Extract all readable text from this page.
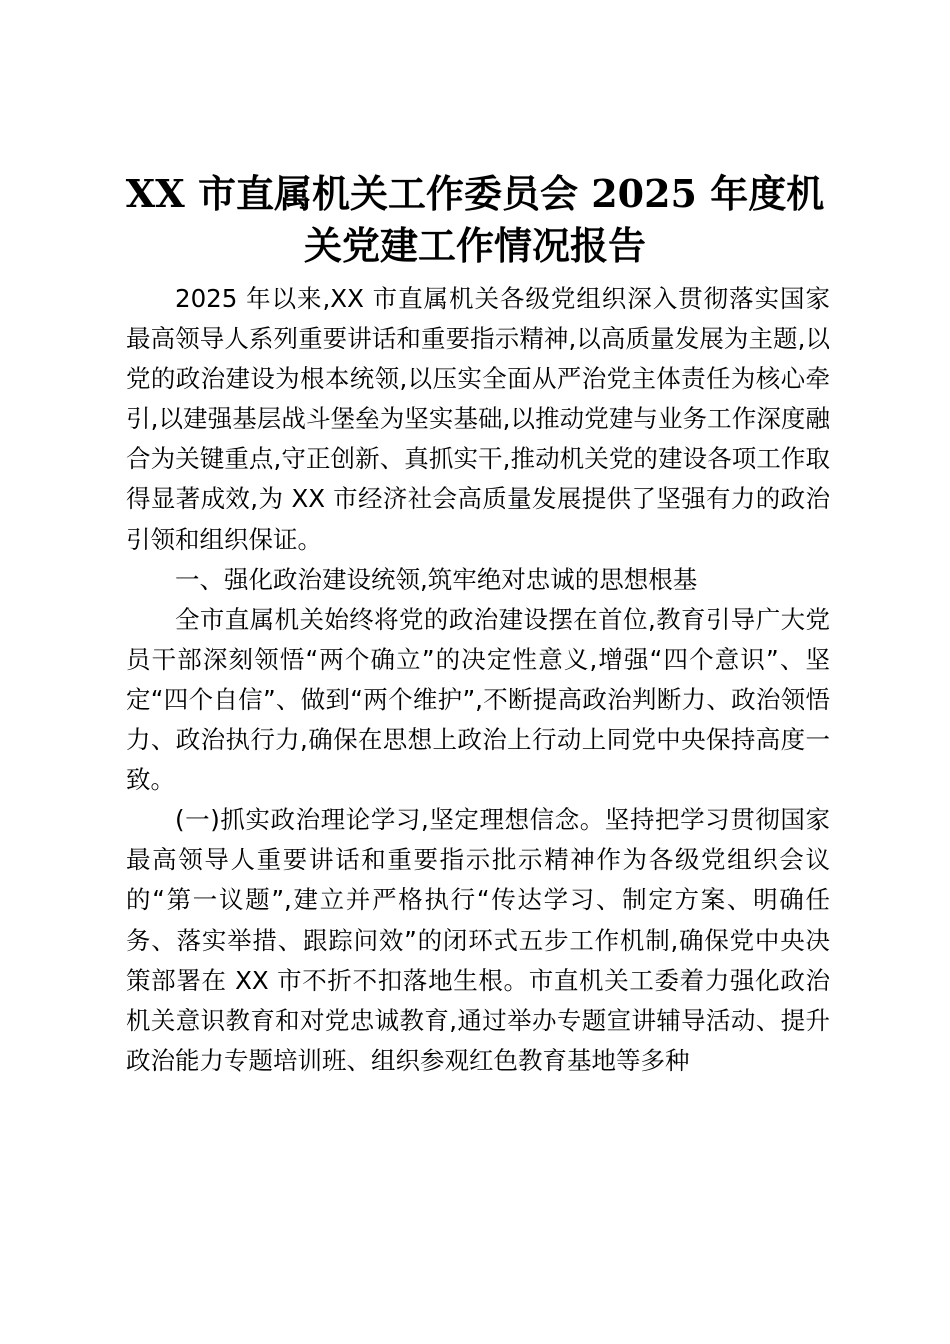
XX 市直属机关工作委员会 2025 年度机
关党建工作情况报告

2025 年以来,XX 市直属机关各级党组织深入贯彻落实国家最高领导人系列重要讲话和重要指示精神,以高质量发展为主题,以党的政治建设为根本统领,以压实全面从严治党主体责任为核心牵引,以建强基层战斗堡垒为坚实基础,以推动党建与业务工作深度融合为关键重点,守正创新、真抓实干,推动机关党的建设各项工作取得显著成效,为 XX 市经济社会高质量发展提供了坚强有力的政治引领和组织保证。

一、强化政治建设统领,筑牢绝对忠诚的思想根基

全市直属机关始终将党的政治建设摆在首位,教育引导广大党员干部深刻领悟“两个确立”的决定性意义,增强“四个意识”、坚定“四个自信”、做到“两个维护”,不断提高政治判断力、政治领悟力、政治执行力,确保在思想上政治上行动上同党中央保持高度一致。

(一)抓实政治理论学习,坚定理想信念。坚持把学习贯彻国家最高领导人重要讲话和重要指示批示精神作为各级党组织会议的“第一议题”,建立并严格执行“传达学习、制定方案、明确任务、落实举措、跟踪问效”的闭环式五步工作机制,确保党中央决策部署在 XX 市不折不扣落地生根。市直机关工委着力强化政治机关意识教育和对党忠诚教育,通过举办专题宣讲辅导活动、提升政治能力专题培训班、组织参观红色教育基地等多种
